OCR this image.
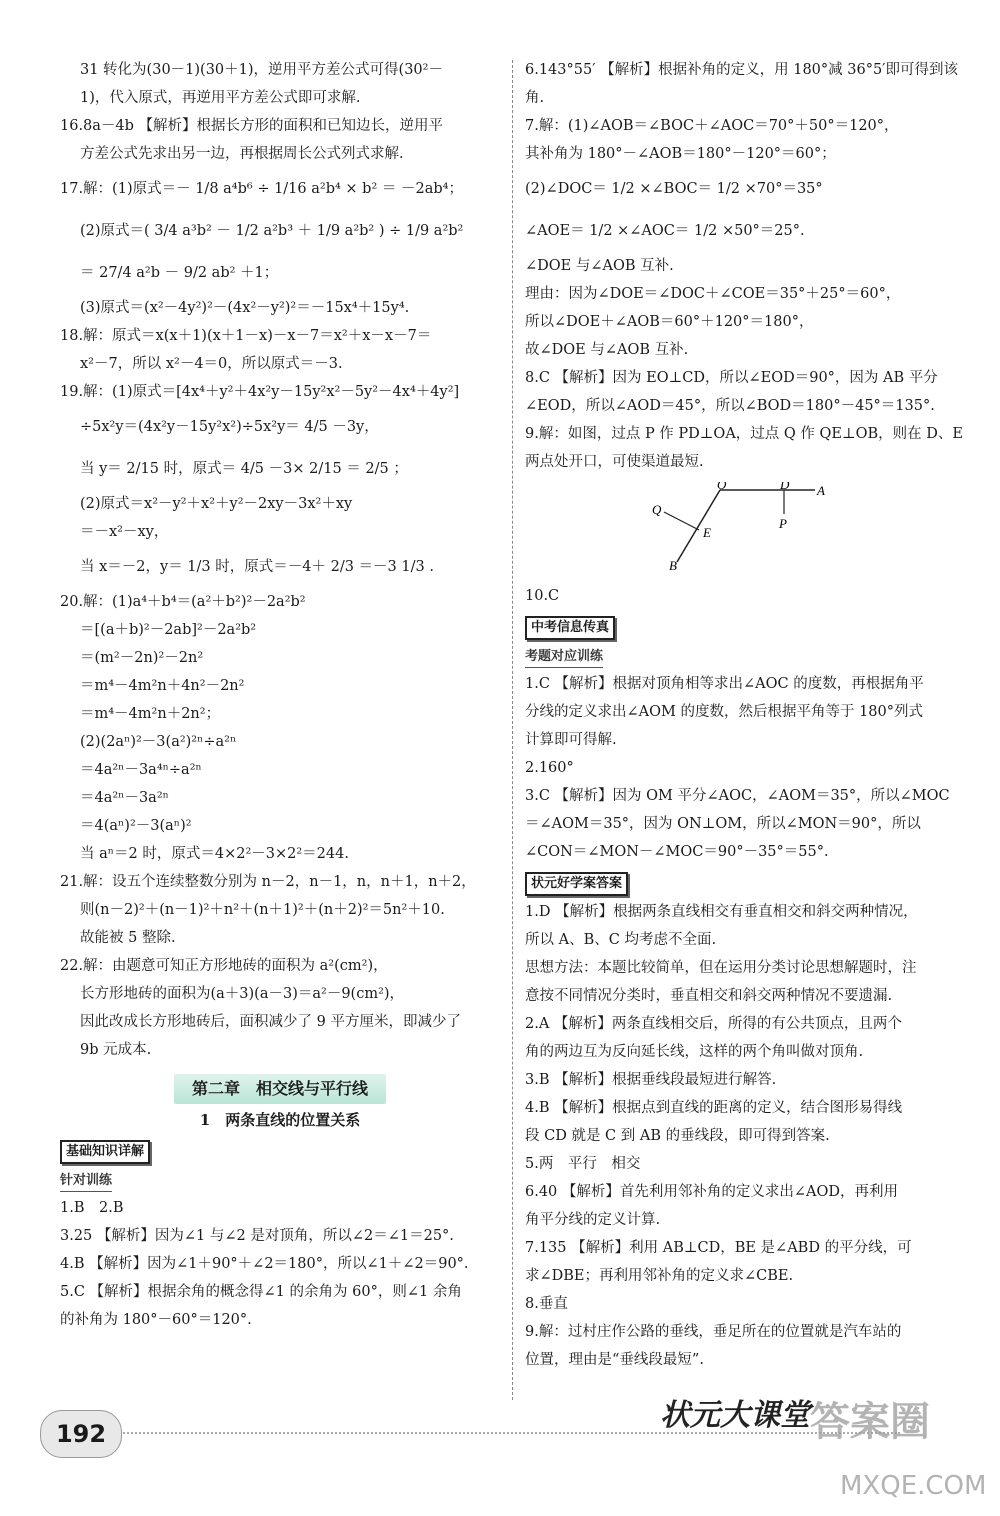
31 转化为(30－1)(30＋1)，逆用平方差公式可得(30²－
1)，代入原式，再逆用平方差公式即可求解.
16.8a－4b 【解析】根据长方形的面积和已知边长，逆用平
方差公式先求出另一边，再根据周长公式列式求解.
17.解：(1)原式＝－ 1/8 a⁴b⁶ ÷ 1/16 a²b⁴ × b² ＝ －2ab⁴；
(2)原式＝( 3/4 a³b² － 1/2 a²b³ ＋ 1/9 a²b² ) ÷ 1/9 a²b²
＝ 27/4 a²b － 9/2 ab² ＋1；
(3)原式＝(x²－4y²)²－(4x²－y²)²＝－15x⁴＋15y⁴.
18.解：原式＝x(x＋1)(x＋1－x)－x－7＝x²＋x－x－7＝
x²－7，所以 x²－4＝0，所以原式＝－3.
19.解：(1)原式＝[4x⁴＋y²＋4x²y－15y²x²－5y²－4x⁴＋4y²]
÷5x²y＝(4x²y－15y²x²)÷5x²y＝ 4/5 －3y，
当 y＝ 2/15 时，原式＝ 4/5 －3× 2/15 ＝ 2/5 ；
(2)原式＝x²－y²＋x²＋y²－2xy－3x²＋xy
＝－x²－xy，
当 x＝－2，y＝ 1/3 时，原式＝－4＋ 2/3 ＝－3 1/3 .
20.解：(1)a⁴＋b⁴＝(a²＋b²)²－2a²b²
＝[(a＋b)²－2ab]²－2a²b²
＝(m²－2n)²－2n²
＝m⁴－4m²n＋4n²－2n²
＝m⁴－4m²n＋2n²；
(2)(2aⁿ)²－3(a²)²ⁿ÷a²ⁿ
＝4a²ⁿ－3a⁴ⁿ÷a²ⁿ
＝4a²ⁿ－3a²ⁿ
＝4(aⁿ)²－3(aⁿ)²
当 aⁿ＝2 时，原式＝4×2²－3×2²＝244.
21.解：设五个连续整数分别为 n－2，n－1，n，n＋1，n＋2，
则(n－2)²＋(n－1)²＋n²＋(n＋1)²＋(n＋2)²＝5n²＋10.
故能被 5 整除.
22.解：由题意可知正方形地砖的面积为 a²(cm²)，
长方形地砖的面积为(a＋3)(a－3)＝a²－9(cm²)，
因此改成长方形地砖后，面积减少了 9 平方厘米，即减少了
9b 元成本.
第二章　相交线与平行线
1　两条直线的位置关系
基础知识详解
针对训练
1.B　2.B
3.25 【解析】因为∠1 与∠2 是对顶角，所以∠2＝∠1＝25°.
4.B 【解析】因为∠1＋90°＋∠2＝180°，所以∠1＋∠2＝90°.
5.C 【解析】根据余角的概念得∠1 的余角为 60°，则∠1 余角
的补角为 180°－60°＝120°.
6.143°55′ 【解析】根据补角的定义，用 180°减 36°5′即可得到该
角.
7.解：(1)∠AOB＝∠BOC＋∠AOC＝70°＋50°＝120°，
其补角为 180°－∠AOB＝180°－120°＝60°；
(2)∠DOC＝ 1/2 ×∠BOC＝ 1/2 ×70°＝35°
∠AOE＝ 1/2 ×∠AOC＝ 1/2 ×50°＝25°.
∠DOE 与∠AOB 互补.
理由：因为∠DOE＝∠DOC＋∠COE＝35°＋25°＝60°，
所以∠DOE＋∠AOB＝60°＋120°＝180°，
故∠DOE 与∠AOB 互补.
8.C 【解析】因为 EO⊥CD，所以∠EOD＝90°，因为 AB 平分
∠EOD，所以∠AOD＝45°，所以∠BOD＝180°－45°＝135°.
9.解：如图，过点 P 作 PD⊥OA，过点 Q 作 QE⊥OB，则在 D、E
两点处开口，可使渠道最短.
O	D A
Q
E
P
B
10.C
中考信息传真
考题对应训练
1.C 【解析】根据对顶角相等求出∠AOC 的度数，再根据角平
分线的定义求出∠AOM 的度数，然后根据平角等于 180°列式
计算即可得解.
2.160°
3.C 【解析】因为 OM 平分∠AOC，∠AOM＝35°，所以∠MOC
＝∠AOM＝35°，因为 ON⊥OM，所以∠MON＝90°，所以
∠CON＝∠MON－∠MOC＝90°－35°＝55°.
状元好学案答案
1.D 【解析】根据两条直线相交有垂直相交和斜交两种情况，
所以 A、B、C 均考虑不全面.
思想方法：本题比较简单，但在运用分类讨论思想解题时，注
意按不同情况分类时，垂直相交和斜交两种情况不要遗漏.
2.A 【解析】两条直线相交后，所得的有公共顶点，且两个
角的两边互为反向延长线，这样的两个角叫做对顶角.
3.B 【解析】根据垂线段最短进行解答.
4.B 【解析】根据点到直线的距离的定义，结合图形易得线
段 CD 就是 C 到 AB 的垂线段，即可得到答案.
5.两　平行　相交
6.40 【解析】首先利用邻补角的定义求出∠AOD，再利用
角平分线的定义计算.
7.135 【解析】利用 AB⊥CD，BE 是∠ABD 的平分线，可
求∠DBE；再利用邻补角的定义求∠CBE.
8.垂直
9.解：过村庄作公路的垂线，垂足所在的位置就是汽车站的
位置，理由是“垂线段最短”.
192
状元大课堂 答案圈
MXQE.COM
